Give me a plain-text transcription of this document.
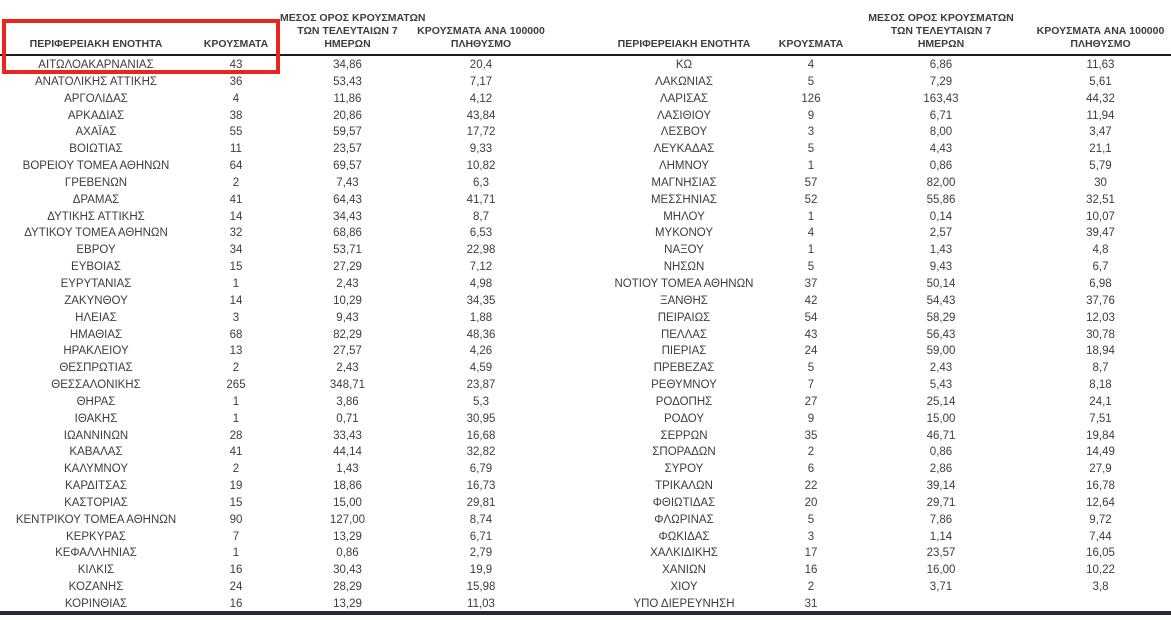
ΠΕΡΙΦΕΡΕΙΑΚΗ ΕΝΟΤΗΤΑ	ΚΡΟΥΣΜΑΤΑ
ΜΕΣΟΣ ΟΡΟΣ ΚΡΟΥΣΜΑΤΩΝ
ΤΩΝ ΤΕΛΕΥΤΑΙΩΝ 7
ΗΜΕΡΩΝ
ΚΡΟΥΣΜΑΤΑ ΑΝΑ 100000
ΠΛΗΘΥΣΜΟ
ΑΙΤΩΛΟΑΚΑΡΝΑΝΙΑΣ	43	34,86	20,4
ΑΝΑΤΟΛΙΚΗΣ ΑΤΤΙΚΗΣ	36	53,43	7,17
ΑΡΓΟΛΙΔΑΣ	4	11,86	4,12
ΑΡΚΑΔΙΑΣ	38	20,86	43,84
ΑΧΑΪΑΣ	55	59,57	17,72
ΒΟΙΩΤΙΑΣ	11	23,57	9,33
ΒΟΡΕΙΟΥ ΤΟΜΕΑ ΑΘΗΝΩΝ	64	69,57	10,82
ΓΡΕΒΕΝΩΝ	2	7,43	6,3
ΔΡΑΜΑΣ	41	64,43	41,71
ΔΥΤΙΚΗΣ ΑΤΤΙΚΗΣ	14	34,43	8,7
ΔΥΤΙΚΟΥ ΤΟΜΕΑ ΑΘΗΝΩΝ	32	68,86	6,53
ΕΒΡΟΥ	34	53,71	22,98
ΕΥΒΟΙΑΣ	15	27,29	7,12
ΕΥΡΥΤΑΝΙΑΣ	1	2,43	4,98
ΖΑΚΥΝΘΟΥ	14	10,29	34,35
ΗΛΕΙΑΣ	3	9,43	1,88
ΗΜΑΘΙΑΣ	68	82,29	48,36
ΗΡΑΚΛΕΙΟΥ	13	27,57	4,26
ΘΕΣΠΡΩΤΙΑΣ	2	2,43	4,59
ΘΕΣΣΑΛΟΝΙΚΗΣ	265	348,71	23,87
ΘΗΡΑΣ	1	3,86	5,3
ΙΘΑΚΗΣ	1	0,71	30,95
ΙΩΑΝΝΙΝΩΝ	28	33,43	16,68
ΚΑΒΑΛΑΣ	41	44,14	32,82
ΚΑΛΥΜΝΟΥ	2	1,43	6,79
ΚΑΡΔΙΤΣΑΣ	19	18,86	16,73
ΚΑΣΤΟΡΙΑΣ	15	15,00	29,81
ΚΕΝΤΡΙΚΟΥ ΤΟΜΕΑ ΑΘΗΝΩΝ	90	127,00	8,74
ΚΕΡΚΥΡΑΣ	7	13,29	6,71
ΚΕΦΑΛΛΗΝΙΑΣ	1	0,86	2,79
ΚΙΛΚΙΣ	16	30,43	19,9
ΚΟΖΑΝΗΣ	24	28,29	15,98
ΚΟΡΙΝΘΙΑΣ	16	13,29	11,03
ΠΕΡΙΦΕΡΕΙΑΚΗ ΕΝΟΤΗΤΑ	ΚΡΟΥΣΜΑΤΑ
ΜΕΣΟΣ ΟΡΟΣ ΚΡΟΥΣΜΑΤΩΝ
ΤΩΝ ΤΕΛΕΥΤΑΙΩΝ 7
ΗΜΕΡΩΝ
ΚΡΟΥΣΜΑΤΑ ΑΝΑ 100000
ΠΛΗΘΥΣΜΟ
ΚΩ	4	6,86	11,63
ΛΑΚΩΝΙΑΣ	5	7,29	5,61
ΛΑΡΙΣΑΣ	126	163,43	44,32
ΛΑΣΙΘΙΟΥ	9	6,71	11,94
ΛΕΣΒΟΥ	3	8,00	3,47
ΛΕΥΚΑΔΑΣ	5	4,43	21,1
ΛΗΜΝΟΥ	1	0,86	5,79
ΜΑΓΝΗΣΙΑΣ	57	82,00	30
ΜΕΣΣΗΝΙΑΣ	52	55,86	32,51
ΜΗΛΟΥ	1	0,14	10,07
ΜΥΚΟΝΟΥ	4	2,57	39,47
ΝΑΞΟΥ	1	1,43	4,8
ΝΗΣΩΝ	5	9,43	6,7
ΝΟΤΙΟΥ ΤΟΜΕΑ ΑΘΗΝΩΝ	37	50,14	6,98
ΞΑΝΘΗΣ	42	54,43	37,76
ΠΕΙΡΑΙΩΣ	54	58,29	12,03
ΠΕΛΛΑΣ	43	56,43	30,78
ΠΙΕΡΙΑΣ	24	59,00	18,94
ΠΡΕΒΕΖΑΣ	5	2,43	8,7
ΡΕΘΥΜΝΟΥ	7	5,43	8,18
ΡΟΔΟΠΗΣ	27	25,14	24,1
ΡΟΔΟΥ	9	15,00	7,51
ΣΕΡΡΩΝ	35	46,71	19,84
ΣΠΟΡΑΔΩΝ	2	0,86	14,49
ΣΥΡΟΥ	6	2,86	27,9
ΤΡΙΚΑΛΩΝ	22	39,14	16,78
ΦΘΙΩΤΙΔΑΣ	20	29,71	12,64
ΦΛΩΡΙΝΑΣ	5	7,86	9,72
ΦΩΚΙΔΑΣ	3	1,14	7,44
ΧΑΛΚΙΔΙΚΗΣ	17	23,57	16,05
ΧΑΝΙΩΝ	16	16,00	10,22
ΧΙΟΥ	2	3,71	3,8
ΥΠΟ ΔΙΕΡΕΥΝΗΣΗ	31
